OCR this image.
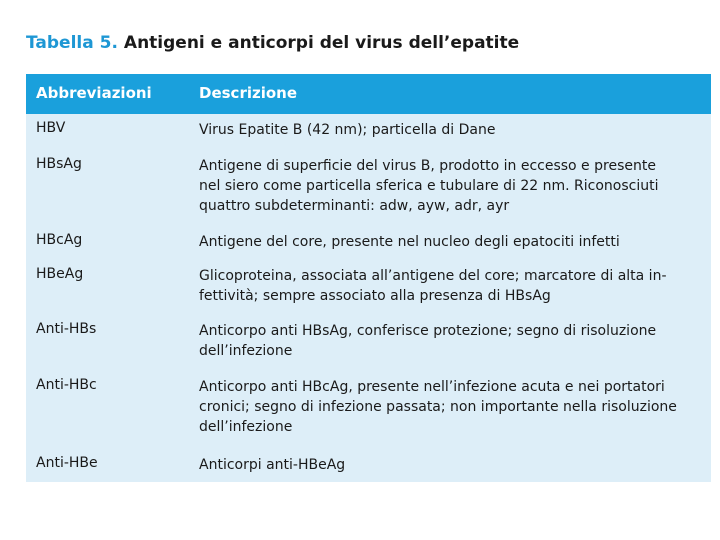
Tabella 5. Antigeni e anticorpi del virus dell’epatite
Abbreviazioni	Descrizione
HBV	Virus Epatite B (42 nm); particella di Dane
HBsAg	Antigene di superficie del virus B, prodotto in eccesso e presente
nel siero come particella sferica e tubulare di 22 nm. Riconosciuti
quattro subdeterminanti: adw, ayw, adr, ayr
HBcAg	Antigene del core, presente nel nucleo degli epatociti infetti
HBeAg	Glicoproteina, associata all’antigene del core; marcatore di alta in-
fettività; sempre associato alla presenza di HBsAg
Anti-HBs	Anticorpo anti HBsAg, conferisce protezione; segno di risoluzione
dell’infezione
Anti-HBc	Anticorpo anti HBcAg, presente nell’infezione acuta e nei portatori
cronici; segno di infezione passata; non importante nella risoluzione
dell’infezione
Anti-HBe	Anticorpi anti-HBeAg
